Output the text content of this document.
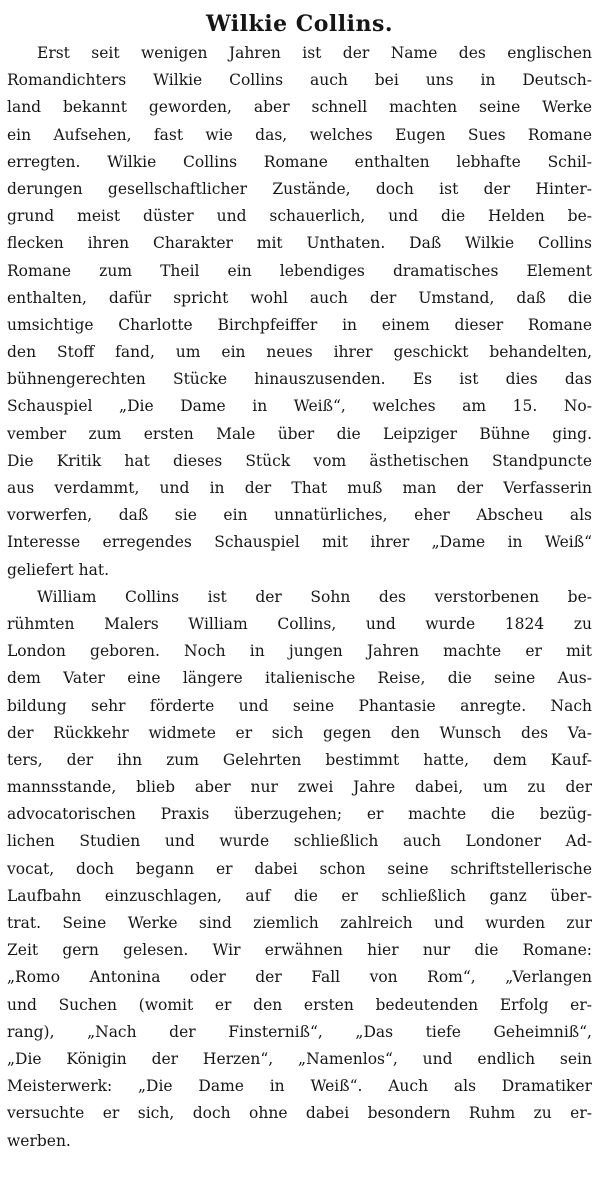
Wilkie Collins.
Erst seit wenigen Jahren ist der Name des englischen
Romandichters Wilkie Collins auch bei uns in Deutsch-
land bekannt geworden, aber schnell machten seine Werke
ein Aufsehen, fast wie das, welches Eugen Sues Romane
erregten. Wilkie Collins Romane enthalten lebhafte Schil-
derungen gesellschaftlicher Zustände, doch ist der Hinter-
grund meist düster und schauerlich, und die Helden be-
flecken ihren Charakter mit Unthaten. Daß Wilkie Collins
Romane zum Theil ein lebendiges dramatisches Element
enthalten, dafür spricht wohl auch der Umstand, daß die
umsichtige Charlotte Birchpfeiffer in einem dieser Romane
den Stoff fand, um ein neues ihrer geschickt behandelten,
bühnengerechten Stücke hinauszusenden. Es ist dies das
Schauspiel „Die Dame in Weiß“, welches am 15. No-
vember zum ersten Male über die Leipziger Bühne ging.
Die Kritik hat dieses Stück vom ästhetischen Standpuncte
aus verdammt, und in der That muß man der Verfasserin
vorwerfen, daß sie ein unnatürliches, eher Abscheu als
Interesse erregendes Schauspiel mit ihrer „Dame in Weiß“
geliefert hat.
William Collins ist der Sohn des verstorbenen be-
rühmten Malers William Collins, und wurde 1824 zu
London geboren. Noch in jungen Jahren machte er mit
dem Vater eine längere italienische Reise, die seine Aus-
bildung sehr förderte und seine Phantasie anregte. Nach
der Rückkehr widmete er sich gegen den Wunsch des Va-
ters, der ihn zum Gelehrten bestimmt hatte, dem Kauf-
mannsstande, blieb aber nur zwei Jahre dabei, um zu der
advocatorischen Praxis überzugehen; er machte die bezüg-
lichen Studien und wurde schließlich auch Londoner Ad-
vocat, doch begann er dabei schon seine schriftstellerische
Laufbahn einzuschlagen, auf die er schließlich ganz über-
trat. Seine Werke sind ziemlich zahlreich und wurden zur
Zeit gern gelesen. Wir erwähnen hier nur die Romane:
„Romo Antonina oder der Fall von Rom“, „Verlangen
und Suchen (womit er den ersten bedeutenden Erfolg er-
rang), „Nach der Finsterniß“, „Das tiefe Geheimniß“,
„Die Königin der Herzen“, „Namenlos“, und endlich sein
Meisterwerk: „Die Dame in Weiß“. Auch als Dramatiker
versuchte er sich, doch ohne dabei besondern Ruhm zu er-
werben.
